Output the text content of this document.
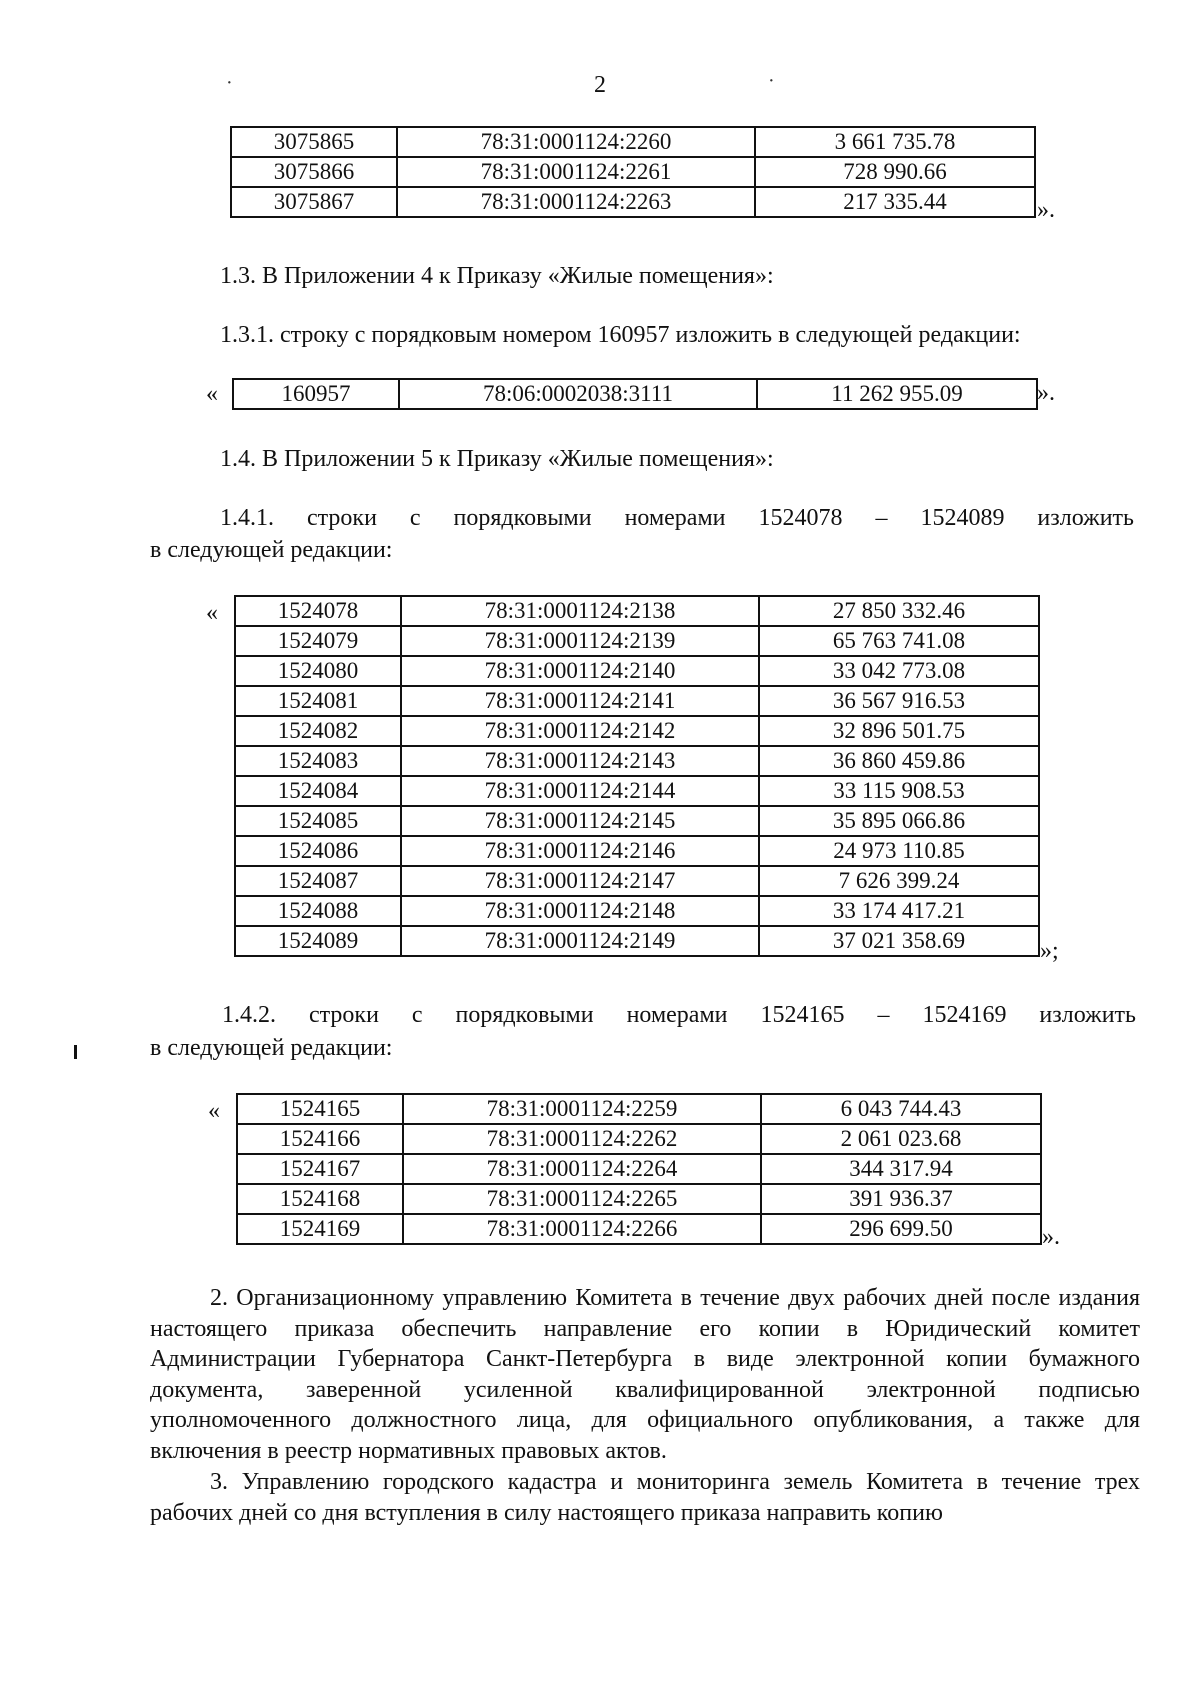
2
·	·
3075865	78:31:0001124:2260	3 661 735.78
3075866	78:31:0001124:2261	728 990.66
3075867	78:31:0001124:2263	217 335.44	».

1.3. В Приложении 4 к Приказу «Жилые помещения»:

1.3.1. строку с порядковым номером 160957 изложить в следующей редакции:

«	160957	78:06:0002038:3111	11 262 955.09	».

1.4. В Приложении 5 к Приказу «Жилые помещения»:

1.4.1. строки с порядковыми номерами 1524078 – 1524089 изложить

в следующей редакции:

«	1524078	78:31:0001124:2138	27 850 332.46
1524079	78:31:0001124:2139	65 763 741.08
1524080	78:31:0001124:2140	33 042 773.08
1524081	78:31:0001124:2141	36 567 916.53
1524082	78:31:0001124:2142	32 896 501.75
1524083	78:31:0001124:2143	36 860 459.86
1524084	78:31:0001124:2144	33 115 908.53
1524085	78:31:0001124:2145	35 895 066.86
1524086	78:31:0001124:2146	24 973 110.85
1524087	78:31:0001124:2147	7 626 399.24
1524088	78:31:0001124:2148	33 174 417.21
1524089	78:31:0001124:2149	37 021 358.69	»;
1.4.2. строки с порядковыми номерами 1524165 – 1524169 изложить

в следующей редакции:

«	1524165	78:31:0001124:2259	6 043 744.43
1524166	78:31:0001124:2262	2 061 023.68
1524167	78:31:0001124:2264	344 317.94
1524168	78:31:0001124:2265	391 936.37
1524169	78:31:0001124:2266	296 699.50	».

2. Организационному управлению Комитета в течение двух рабочих дней после издания настоящего приказа обеспечить направление его копии в Юридический комитет Администрации Губернатора Санкт-Петербурга в виде электронной копии бумажного документа, заверенной усиленной квалифицированной электронной подписью уполномоченного должностного лица, для официального опубликования, а также для включения в реестр нормативных правовых актов.

3. Управлению городского кадастра и мониторинга земель Комитета в течение трех рабочих дней со дня вступления в силу настоящего приказа направить копию
